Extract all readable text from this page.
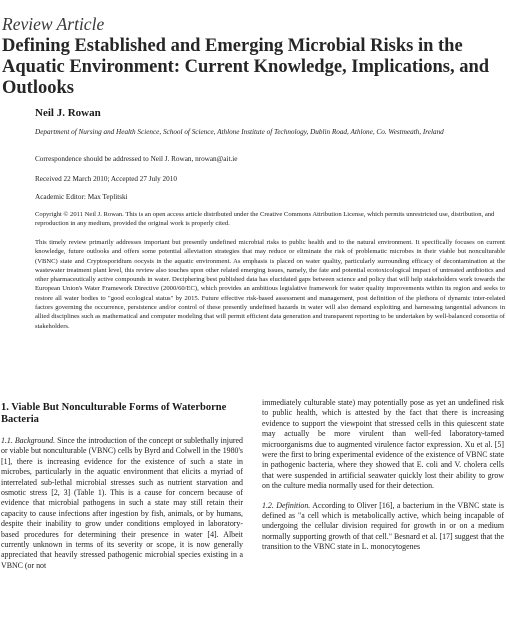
Review Article
Defining Established and Emerging Microbial Risks in the Aquatic Environment: Current Knowledge, Implications, and Outlooks
Neil J. Rowan
Department of Nursing and Health Science, School of Science, Athlone Institute of Technology, Dublin Road, Athlone, Co. Westmeath, Ireland
Correspondence should be addressed to Neil J. Rowan, nrowan@ait.ie
Received 22 March 2010; Accepted 27 July 2010
Academic Editor: Max Teplitski
Copyright © 2011 Neil J. Rowan. This is an open access article distributed under the Creative Commons Attribution License, which permits unrestricted use, distribution, and reproduction in any medium, provided the original work is properly cited.
This timely review primarily addresses important but presently undefined microbial risks to public health and to the natural environment. It specifically focuses on current knowledge, future outlooks and offers some potential alleviation strategies that may reduce or eliminate the risk of problematic microbes in their viable but nonculturable (VBNC) state and Cryptosporidium oocysts in the aquatic environment. As emphasis is placed on water quality, particularly surrounding efficacy of decontamination at the wastewater treatment plant level, this review also touches upon other related emerging issues, namely, the fate and potential ecotoxicological impact of untreated antibiotics and other pharmaceutically active compounds in water. Deciphering best published data has elucidated gaps between science and policy that will help stakeholders work towards the European Union's Water Framework Directive (2000/60/EC), which provides an ambitious legislative framework for water quality improvements within its region and seeks to restore all water bodies to "good ecological status" by 2015. Future effective risk-based assessment and management, post definition of the plethora of dynamic inter-related factors governing the occurrence, persistence and/or control of these presently undefined hazards in water will also demand exploiting and harnessing tangential advances in allied disciplines such as mathematical and computer modeling that will permit efficient data generation and transparent reporting to be undertaken by well-balanced consortia of stakeholders.
1. Viable But Nonculturable Forms of Waterborne Bacteria

1.1. Background. Since the introduction of the concept or sublethally injured or viable but nonculturable (VBNC) cells by Byrd and Colwell in the 1980's [1], there is increasing evidence for the existence of such a state in microbes, particularly in the aquatic environment that elicits a myriad of interrelated sub-lethal microbial stresses such as nutrient starvation and osmotic stress [2, 3] (Table 1). This is a cause for concern because of evidence that microbial pathogens in such a state may still retain their capacity to cause infections after ingestion by fish, animals, or by humans, despite their inability to grow under conditions employed in laboratory-based procedures for determining their presence in water [4]. Albeit currently unknown in terms of its severity or scope, it is now generally appreciated that heavily stressed pathogenic microbial species existing in a VBNC (or not

immediately culturable state) may potentially pose as yet an undefined risk to public health, which is attested by the fact that there is increasing evidence to support the viewpoint that stressed cells in this quiescent state may actually be more virulent than well-fed laboratory-tamed microorganisms due to augmented virulence factor expression. Xu et al. [5] were the first to bring experimental evidence of the existence of VBNC state in pathogenic bacteria, where they showed that E. coli and V. cholera cells that were suspended in artificial seawater quickly lost their ability to grow on the culture media normally used for their detection.

1.2. Definition. According to Oliver [16], a bacterium in the VBNC state is defined as "a cell which is metabolically active, which being incapable of undergoing the cellular division required for growth in or on a medium normally supporting growth of that cell." Besnard et al. [17] suggest that the transition to the VBNC state in L. monocytogenes
